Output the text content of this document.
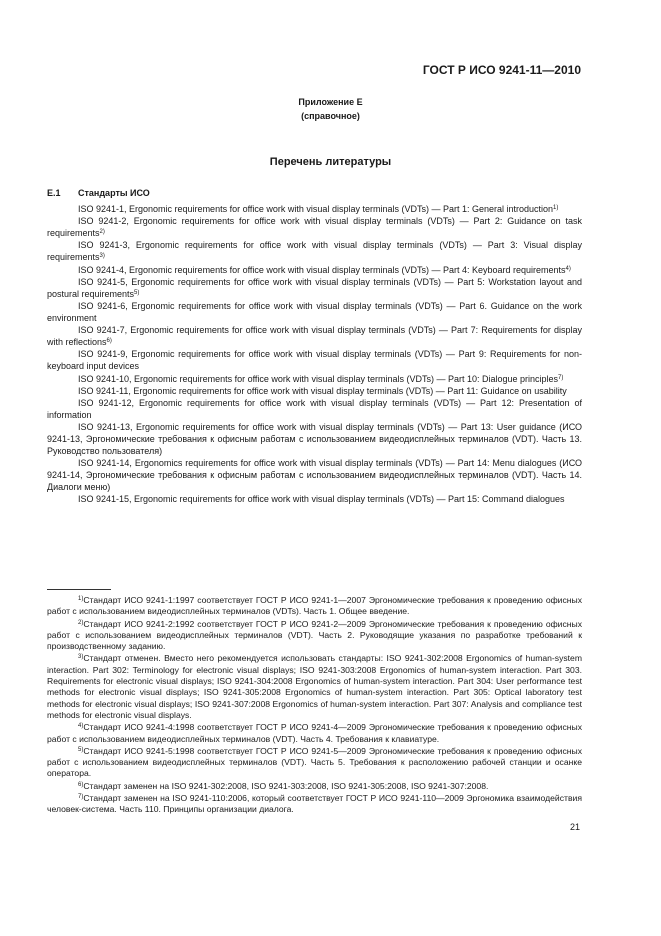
ГОСТ Р ИСО 9241-11—2010
Приложение Е
(справочное)
Перечень литературы
Е.1 Стандарты ИСО

ISO 9241-1, Ergonomic requirements for office work with visual display terminals (VDTs) — Part 1: General introduction$^{1)}$

ISO 9241-2, Ergonomic requirements for office work with visual display terminals (VDTs) — Part 2: Guidance on task requirements$^{2)}$

ISO 9241-3, Ergonomic requirements for office work with visual display terminals (VDTs) — Part 3: Visual display requirements$^{3)}$

ISO 9241-4, Ergonomic requirements for office work with visual display terminals (VDTs) — Part 4: Keyboard requirements$^{4)}$

ISO 9241-5, Ergonomic requirements for office work with visual display terminals (VDTs) — Part 5: Workstation layout and postural requirements$^{5)}$

ISO 9241-6, Ergonomic requirements for office work with visual display terminals (VDTs) — Part 6. Guidance on the work environment

ISO 9241-7, Ergonomic requirements for office work with visual display terminals (VDTs) — Part 7: Requirements for display with reflections$^{6)}$

ISO 9241-9, Ergonomic requirements for office work with visual display terminals (VDTs) — Part 9: Requirements for non-keyboard input devices

ISO 9241-10, Ergonomic requirements for office work with visual display terminals (VDTs) — Part 10: Dialogue principles$^{7)}$

ISO 9241-11, Ergonomic requirements for office work with visual display terminals (VDTs) — Part 11: Guidance on usability

ISO 9241-12, Ergonomic requirements for office work with visual display terminals (VDTs) — Part 12: Presentation of information

ISO 9241-13, Ergonomic requirements for office work with visual display terminals (VDTs) — Part 13: User guidance (ИСО 9241-13, Эргономические требования к офисным работам с использованием видеодисплейных терминалов (VDT). Часть 13. Руководство пользователя)

ISO 9241-14, Ergonomics requirements for office work with visual display terminals (VDTs) — Part 14: Menu dialogues (ИСО 9241-14, Эргономические требования к офисным работам с использованием видеодисплейных терминалов (VDT). Часть 14. Диалоги меню)

ISO 9241-15, Ergonomic requirements for office work with visual display terminals (VDTs) — Part 15: Command dialogues

$^{1)}$Стандарт ИСО 9241-1:1997 соответствует ГОСТ Р ИСО 9241-1—2007 Эргономические требования к проведению офисных работ с использованием видеодисплейных терминалов (VDTs). Часть 1. Общее введение.

$^{2)}$Стандарт ИСО 9241-2:1992 соответствует ГОСТ Р ИСО 9241-2—2009 Эргономические требования к проведению офисных работ с использованием видеодисплейных терминалов (VDT). Часть 2. Руководящие указания по разработке требований к производственному заданию.

$^{3)}$Стандарт отменен. Вместо него рекомендуется использовать стандарты: ISO 9241-302:2008 Ergonomics of human-system interaction. Part 302: Terminology for electronic visual displays; ISO 9241-303:2008 Ergonomics of human-system interaction. Part 303. Requirements for electronic visual displays; ISO 9241-304:2008 Ergonomics of human-system interaction. Part 304: User performance test methods for electronic visual displays; ISO 9241-305:2008 Ergonomics of human-system interaction. Part 305: Optical laboratory test methods for electronic visual displays; ISO 9241-307:2008 Ergonomics of human-system interaction. Part 307: Analysis and compliance test methods for electronic visual displays.

$^{4)}$Стандарт ИСО 9241-4:1998 соответствует ГОСТ Р ИСО 9241-4—2009 Эргономические требования к проведению офисных работ с использованием видеодисплейных терминалов (VDT). Часть 4. Требования к клавиатуре.

$^{5)}$Стандарт ИСО 9241-5:1998 соответствует ГОСТ Р ИСО 9241-5—2009 Эргономические требования к проведению офисных работ с использованием видеодисплейных терминалов (VDT). Часть 5. Требования к расположению рабочей станции и осанке оператора.

$^{6)}$Стандарт заменен на ISO 9241-302:2008, ISO 9241-303:2008, ISO 9241-305:2008, ISO 9241-307:2008.

$^{7)}$Стандарт заменен на ISO 9241-110:2006, который соответствует ГОСТ Р ИСО 9241-110—2009 Эргономика взаимодействия человек-система. Часть 110. Принципы организации диалога.

21
